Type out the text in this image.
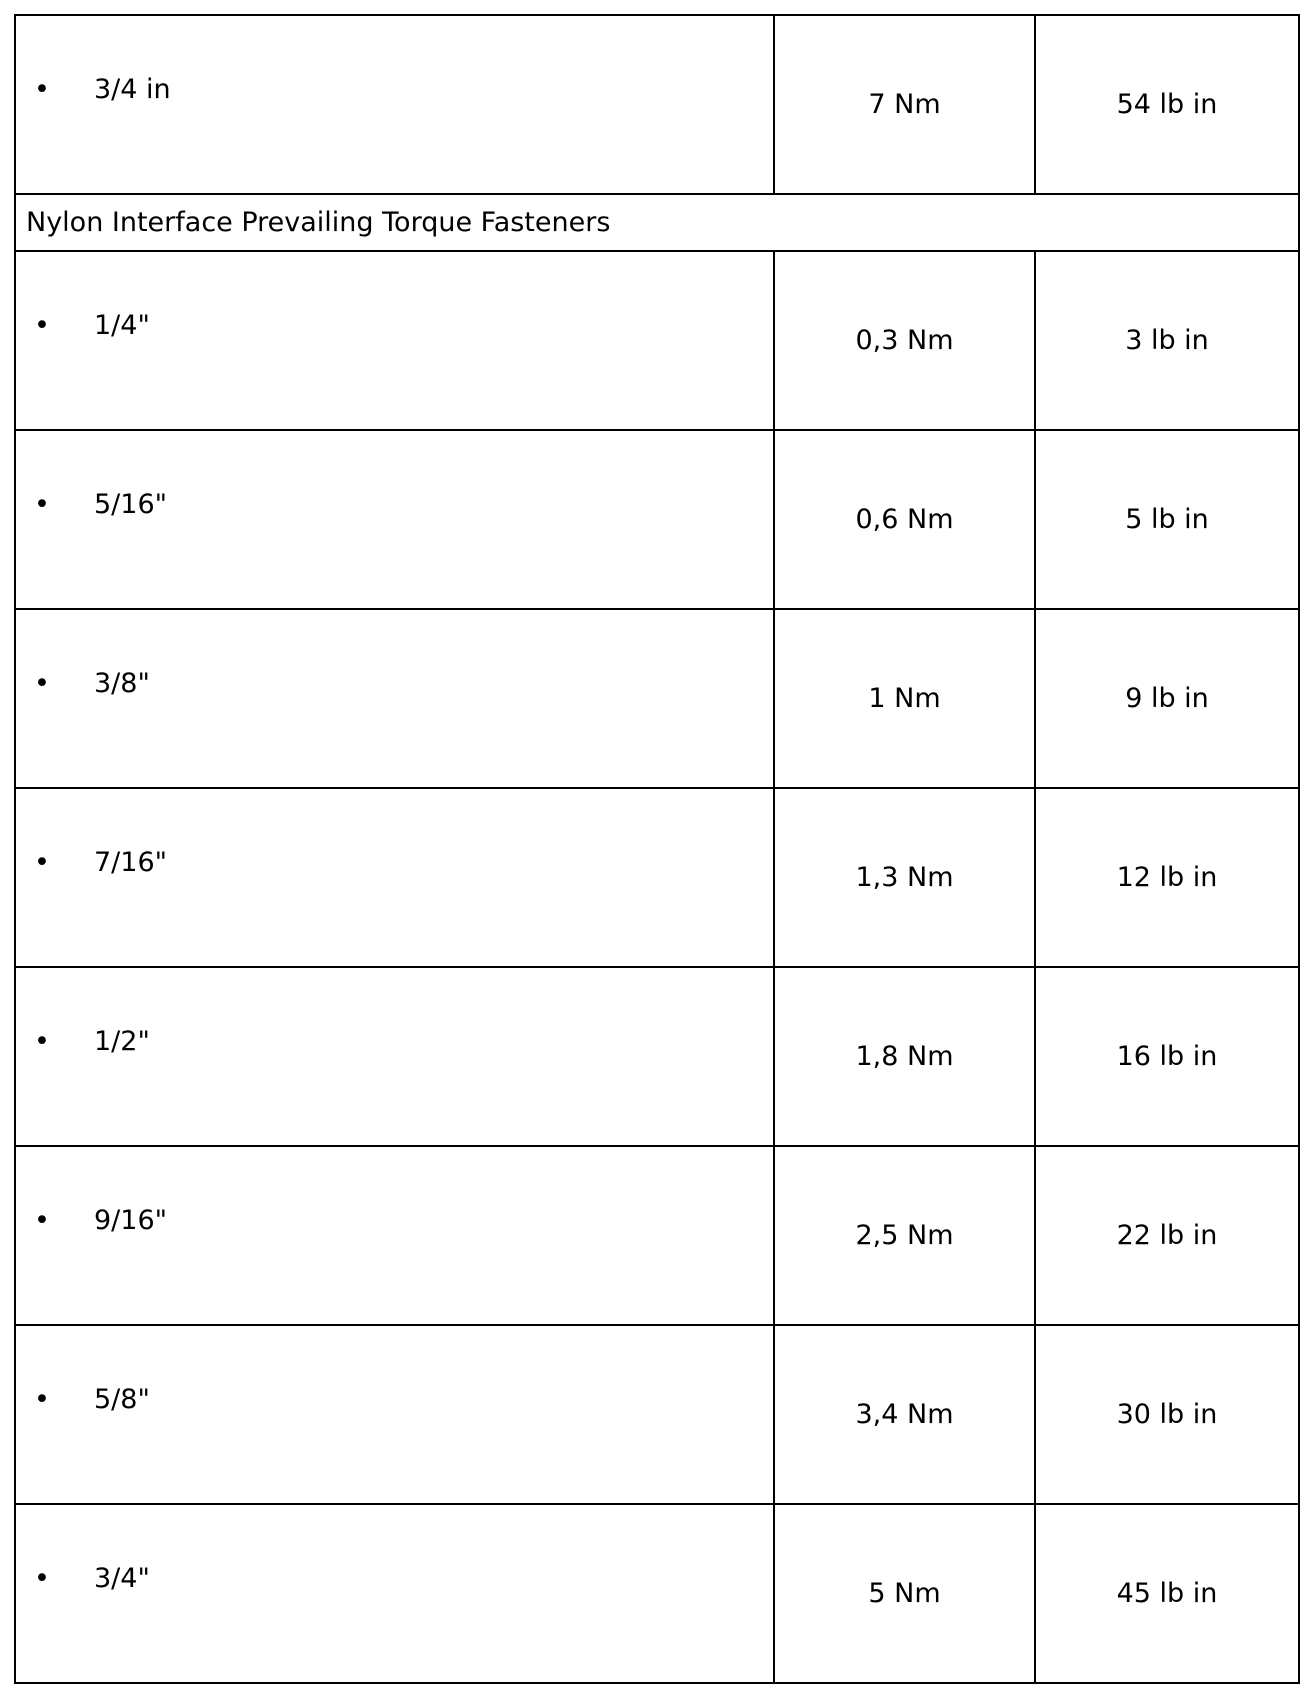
• 3/4 in	7 Nm	54 lb in
Nylon Interface Prevailing Torque Fasteners		
• 1/4"	0,3 Nm	3 lb in
• 5/16"	0,6 Nm	5 lb in
• 3/8"	1 Nm	9 lb in
• 7/16"	1,3 Nm	12 lb in
• 1/2"	1,8 Nm	16 lb in
• 9/16"	2,5 Nm	22 lb in
• 5/8"	3,4 Nm	30 lb in
• 3/4"	5 Nm	45 lb in
